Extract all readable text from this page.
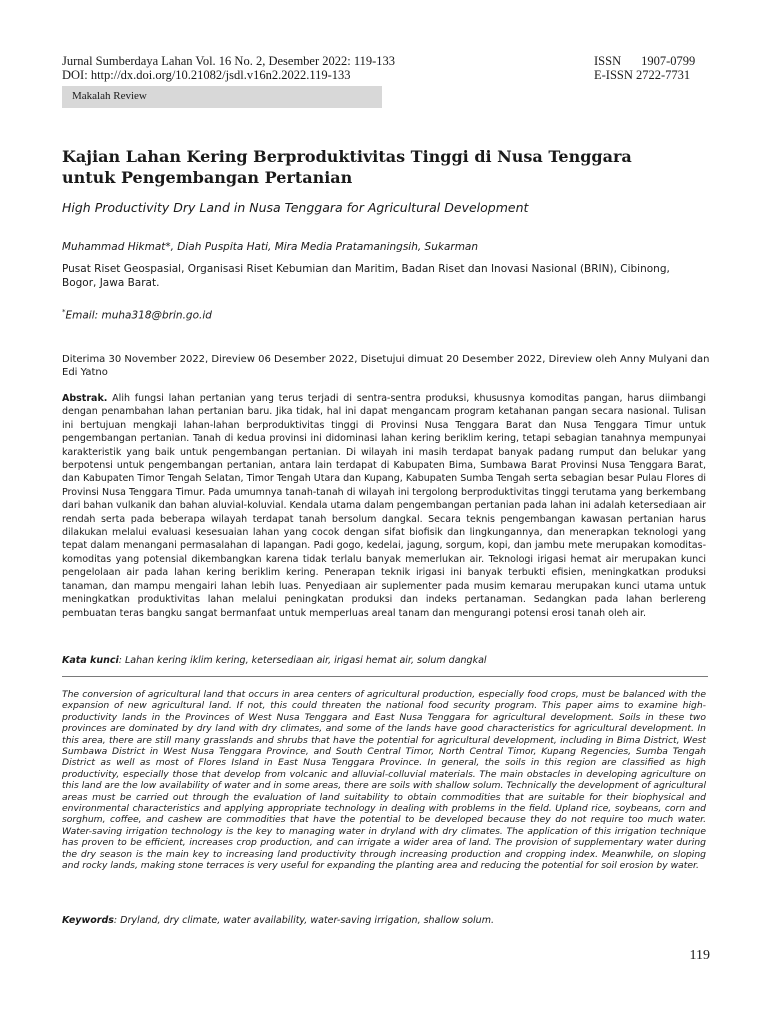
Jurnal Sumberdaya Lahan Vol. 16 No. 2, Desember 2022: 119-133	ISSN 1907-0799
DOI: http://dx.doi.org/10.21082/jsdl.v16n2.2022.119-133	E-ISSN 2722-7731
Makalah Review
Kajian Lahan Kering Berproduktivitas Tinggi di Nusa Tenggara untuk Pengembangan Pertanian
High Productivity Dry Land in Nusa Tenggara for Agricultural Development
Muhammad Hikmat*, Diah Puspita Hati, Mira Media Pratamaningsih, Sukarman
Pusat Riset Geospasial, Organisasi Riset Kebumian dan Maritim, Badan Riset dan Inovasi Nasional (BRIN), Cibinong, Bogor, Jawa Barat.
*Email: muha318@brin.go.id
Diterima 30 November 2022, Direview 06 Desember 2022, Disetujui dimuat 20 Desember 2022, Direview oleh Anny Mulyani dan Edi Yatno

Abstrak. Alih fungsi lahan pertanian yang terus terjadi di sentra-sentra produksi, khususnya komoditas pangan, harus diimbangi dengan penambahan lahan pertanian baru. Jika tidak, hal ini dapat mengancam program ketahanan pangan secara nasional. Tulisan ini bertujuan mengkaji lahan-lahan berproduktivitas tinggi di Provinsi Nusa Tenggara Barat dan Nusa Tenggara Timur untuk pengembangan pertanian. Tanah di kedua provinsi ini didominasi lahan kering beriklim kering, tetapi sebagian tanahnya mempunyai karakteristik yang baik untuk pengembangan pertanian. Di wilayah ini masih terdapat banyak padang rumput dan belukar yang berpotensi untuk pengembangan pertanian, antara lain terdapat di Kabupaten Bima, Sumbawa Barat Provinsi Nusa Tenggara Barat, dan Kabupaten Timor Tengah Selatan, Timor Tengah Utara dan Kupang, Kabupaten Sumba Tengah serta sebagian besar Pulau Flores di Provinsi Nusa Tenggara Timur. Pada umumnya tanah-tanah di wilayah ini tergolong berproduktivitas tinggi terutama yang berkembang dari bahan vulkanik dan bahan aluvial-koluvial. Kendala utama dalam pengembangan pertanian pada lahan ini adalah ketersediaan air rendah serta pada beberapa wilayah terdapat tanah bersolum dangkal. Secara teknis pengembangan kawasan pertanian harus dilakukan melalui evaluasi kesesuaian lahan yang cocok dengan sifat biofisik dan lingkungannya, dan menerapkan teknologi yang tepat dalam menangani permasalahan di lapangan. Padi gogo, kedelai, jagung, sorgum, kopi, dan jambu mete merupakan komoditas-komoditas yang potensial dikembangkan karena tidak terlalu banyak memerlukan air. Teknologi irigasi hemat air merupakan kunci pengelolaan air pada lahan kering beriklim kering. Penerapan teknik irigasi ini banyak terbukti efisien, meningkatkan produksi tanaman, dan mampu mengairi lahan lebih luas. Penyediaan air suplementer pada musim kemarau merupakan kunci utama untuk meningkatkan produktivitas lahan melalui peningkatan produksi dan indeks pertanaman. Sedangkan pada lahan berlereng pembuatan teras bangku sangat bermanfaat untuk memperluas areal tanam dan mengurangi potensi erosi tanah oleh air.

Kata kunci: Lahan kering iklim kering, ketersediaan air, irigasi hemat air, solum dangkal

The conversion of agricultural land that occurs in area centers of agricultural production, especially food crops, must be balanced with the expansion of new agricultural land. If not, this could threaten the national food security program. This paper aims to examine high-productivity lands in the Provinces of West Nusa Tenggara and East Nusa Tenggara for agricultural development. Soils in these two provinces are dominated by dry land with dry climates, and some of the lands have good characteristics for agricultural development. In this area, there are still many grasslands and shrubs that have the potential for agricultural development, including in Bima District, West Sumbawa District in West Nusa Tenggara Province, and South Central Timor, North Central Timor, Kupang Regencies, Sumba Tengah District as well as most of Flores Island in East Nusa Tenggara Province. In general, the soils in this region are classified as high productivity, especially those that develop from volcanic and alluvial-colluvial materials. The main obstacles in developing agriculture on this land are the low availability of water and in some areas, there are soils with shallow solum. Technically the development of agricultural areas must be carried out through the evaluation of land suitability to obtain commodities that are suitable for their biophysical and environmental characteristics and applying appropriate technology in dealing with problems in the field. Upland rice, soybeans, corn and sorghum, coffee, and cashew are commodities that have the potential to be developed because they do not require too much water. Water-saving irrigation technology is the key to managing water in dryland with dry climates. The application of this irrigation technique has proven to be efficient, increases crop production, and can irrigate a wider area of land. The provision of supplementary water during the dry season is the main key to increasing land productivity through increasing production and cropping index. Meanwhile, on sloping and rocky lands, making stone terraces is very useful for expanding the planting area and reducing the potential for soil erosion by water.

Keywords: Dryland, dry climate, water availability, water-saving irrigation, shallow solum.
119
